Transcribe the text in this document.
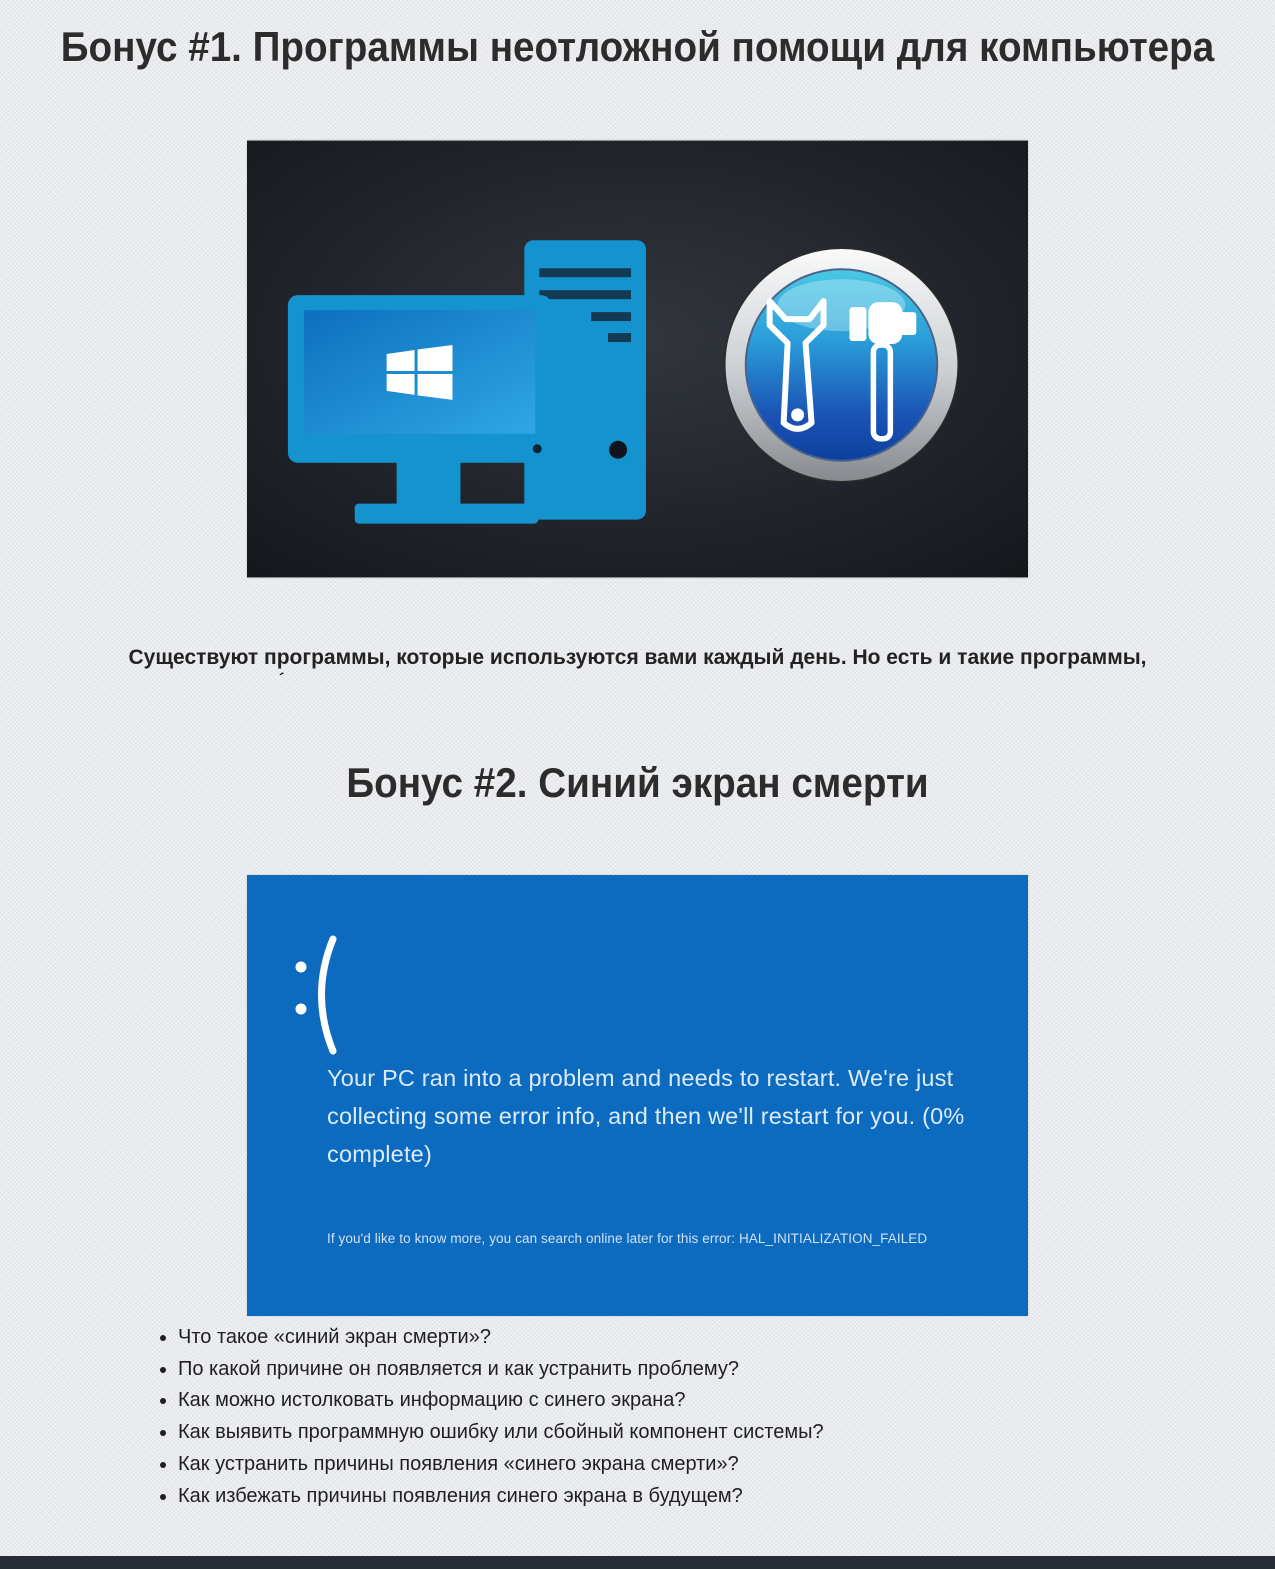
Бонус #1. Программы неотложной помощи для компьютера

Существуют программы, которые используются вами каждый день. Но есть и такие программы,

´
Бонус #2. Синий экран смерти
Your PC ran into a problem and needs to restart. We're just
collecting some error info, and then we'll restart for you. (0%
complete)
If you'd like to know more, you can search online later for this error: HAL_INITIALIZATION_FAILED
• Что такое «синий экран смерти»?
• По какой причине он появляется и как устранить проблему?
• Как можно истолковать информацию с синего экрана?
• Как выявить программную ошибку или сбойный компонент системы?
• Как устранить причины появления «синего экрана смерти»?
• Как избежать причины появления синего экрана в будущем?
